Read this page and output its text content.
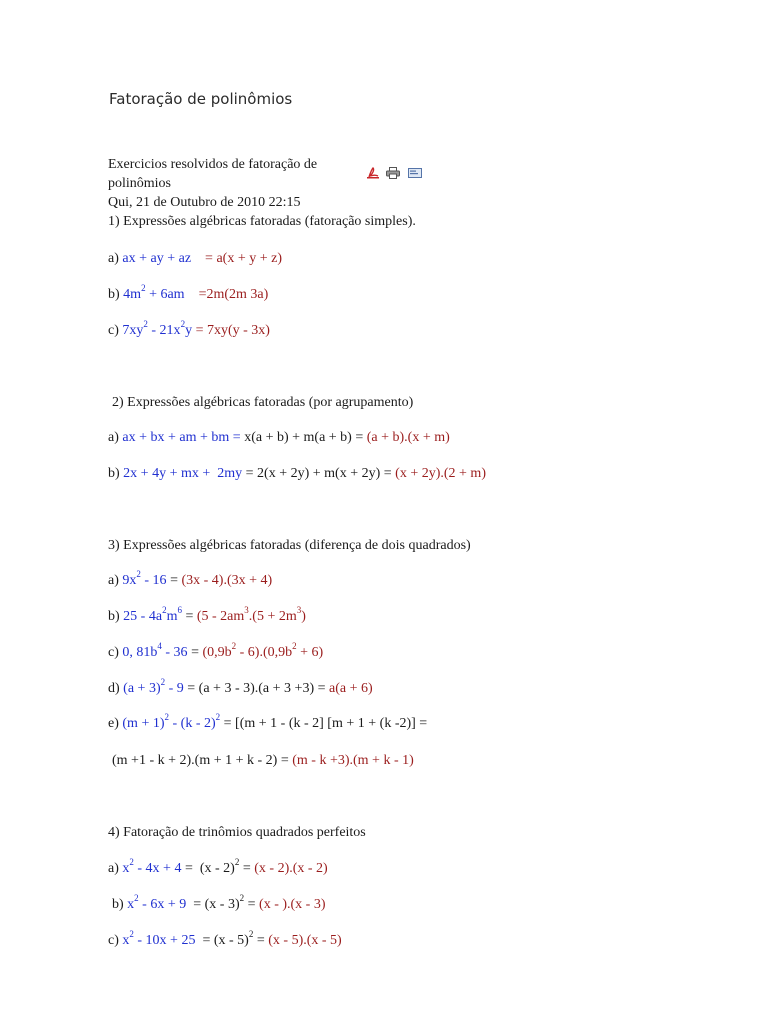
Fatoração de polinômios
Exercicios resolvidos de fatoração de
polinômios
Qui, 21 de Outubro de 2010 22:15
1) Expressões algébricas fatoradas (fatoração simples).
a) ax + ay + az = a(x + y + z)
b) $4m^2 + 6am =2m(2m$ 3a)
c) $7xy^2 - 21x^2y = 7xy(y - 3x)$
2) Expressões algébricas fatoradas (por agrupamento)
a) ax + bx + am + bm = x(a + b) + m(a + b) = (a + b).(x + m)
b) 2x + 4y + mx +  2my = 2(x + 2y) + m(x + 2y) = (x + 2y).(2 + m)
3) Expressões algébricas fatoradas (diferença de dois quadrados)
a) $9x^2 - 16 = (3x - 4).(3x + 4)$
b) $25 - 4a^2m^6 = (5 - 2am^3.(5 + 2m^3)$
c) 0, $81b^4 - 36 = (0,9b^2 - 6).(0,9b^2 + 6)$
d) $(a + 3)^2 - 9 = (a + 3 - 3).(a + 3 +3) = a(a + 6)$
e) $(m + 1)^2 - (k - 2)^2 = [(m + 1 - (k - 2] [m + 1 + (k$ -2)] =
(m +1 - k + 2).(m + 1 + k - 2) = (m - k +3).(m + k - 1)
4) Fatoração de trinômios quadrados perfeitos
a) $x^2 - 4x + 4 = (x - 2)^2 = (x - 2).(x - 2)$
b) $x^2 - 6x + 9 = (x - 3)^2 = (x - ).(x - 3)$
c) $x^2 - 10x + 25 = (x - 5)^2 = (x - 5).(x - 5)$
